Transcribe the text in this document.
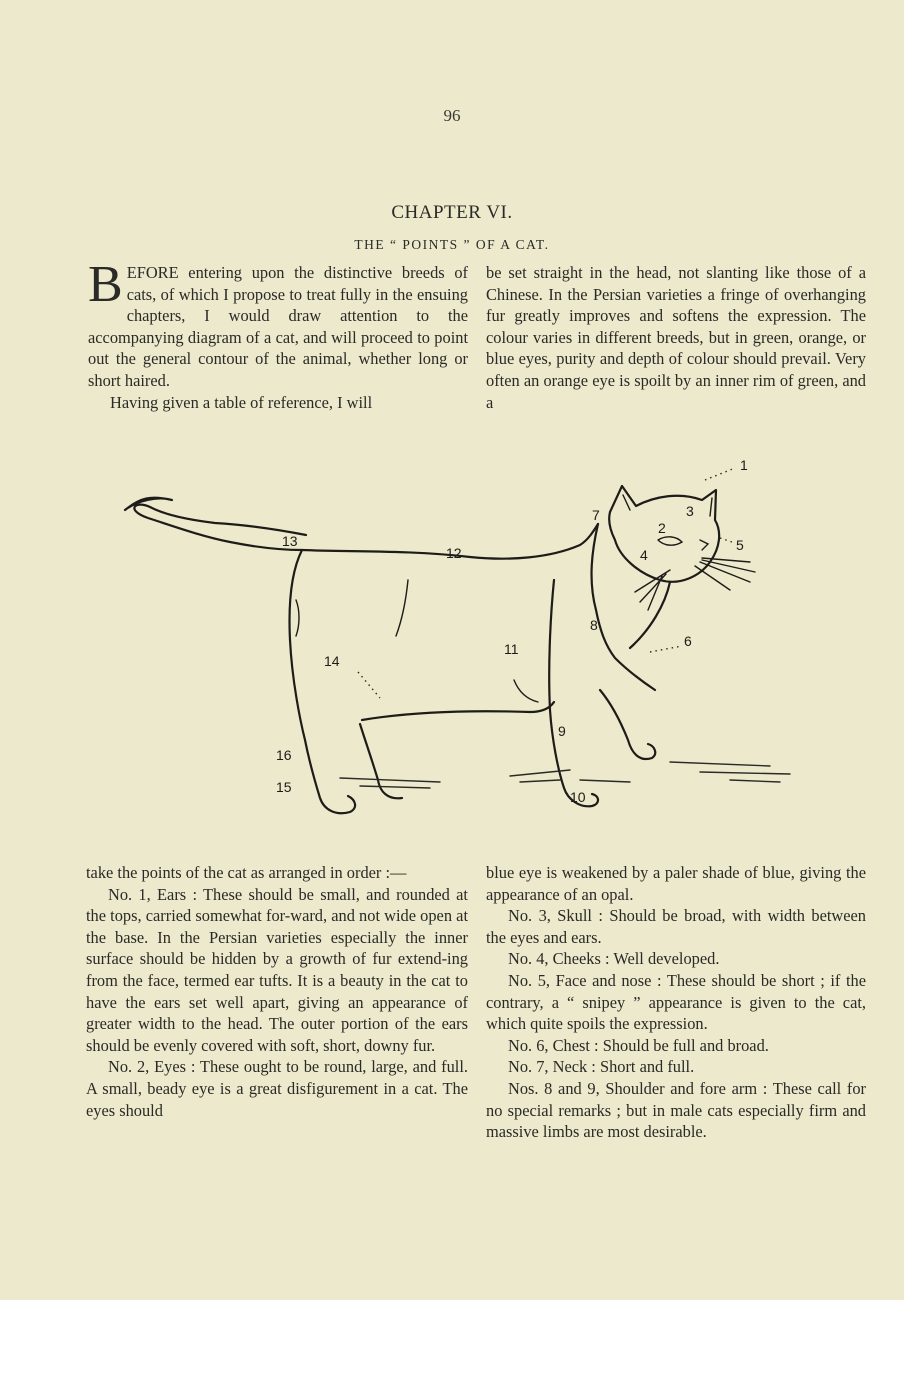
96
CHAPTER VI.
THE “ POINTS ” OF A CAT.

BEFORE entering upon the distinctive breeds of cats, of which I propose to treat fully in the ensuing chapters, I would draw attention to the accompanying diagram of a cat, and will proceed to point out the general contour of the animal, whether long or short haired.

Having given a table of reference, I will

be set straight in the head, not slanting like those of a Chinese. In the Persian varieties a fringe of overhanging fur greatly improves and softens the expression. The colour varies in different breeds, but in green, orange, or blue eyes, purity and depth of colour should prevail. Very often an orange eye is spoilt by an inner rim of green, and a

1
2
3
4
5
6
7
8
9
10
11
12
13
14
16
15

take the points of the cat as arranged in order :—

No. 1, Ears : These should be small, and rounded at the tops, carried somewhat for-ward, and not wide open at the base. In the Persian varieties especially the inner surface should be hidden by a growth of fur extend-ing from the face, termed ear tufts. It is a beauty in the cat to have the ears set well apart, giving an appearance of greater width to the head. The outer portion of the ears should be evenly covered with soft, short, downy fur.

No. 2, Eyes : These ought to be round, large, and full. A small, beady eye is a great disfigurement in a cat. The eyes should

blue eye is weakened by a paler shade of blue, giving the appearance of an opal.

No. 3, Skull : Should be broad, with width between the eyes and ears.

No. 4, Cheeks : Well developed.

No. 5, Face and nose : These should be short ; if the contrary, a “ snipey ” appearance is given to the cat, which quite spoils the expression.

No. 6, Chest : Should be full and broad.

No. 7, Neck : Short and full.

Nos. 8 and 9, Shoulder and fore arm : These call for no special remarks ; but in male cats especially firm and massive limbs are most desirable.
